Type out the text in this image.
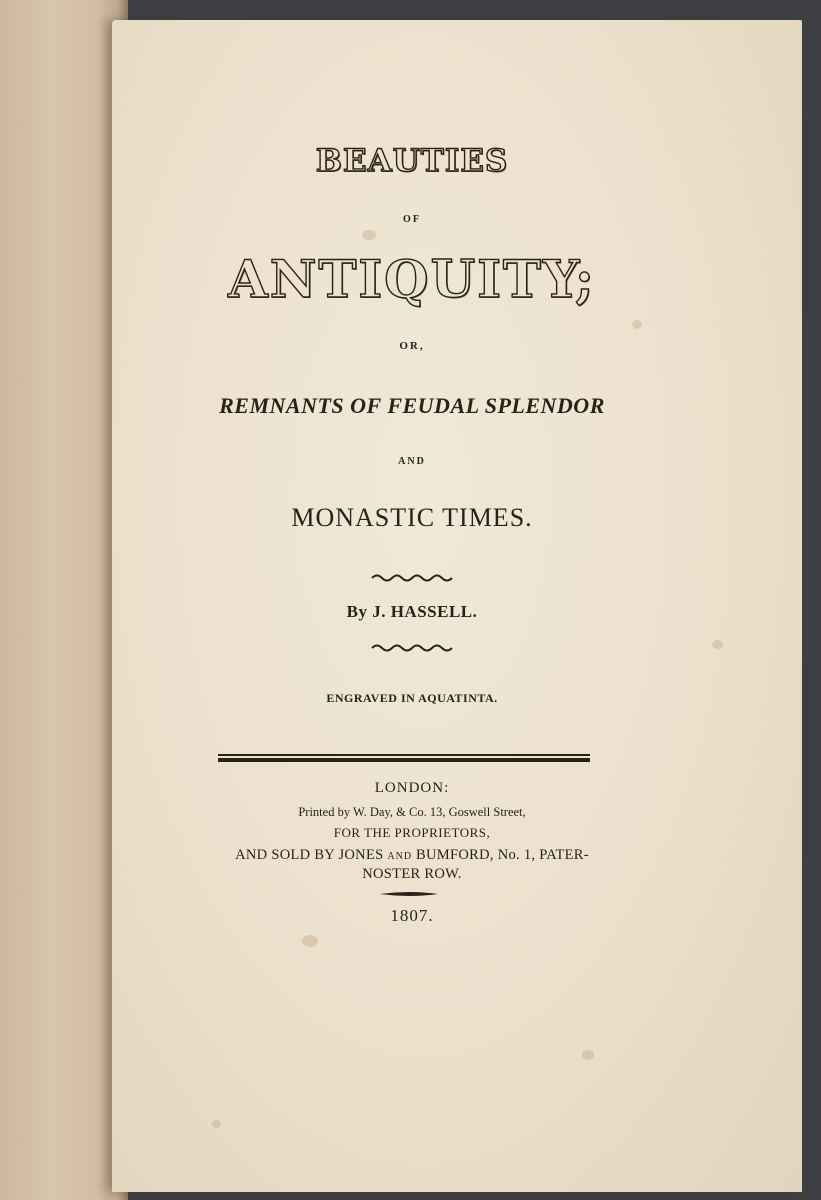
BEAUTIES
OF
ANTIQUITY;
OR,
REMNANTS OF FEUDAL SPLENDOR
AND
MONASTIC TIMES.
By J. HASSELL.
ENGRAVED IN AQUATINTA.
LONDON:
Printed by W. Day, & Co. 13, Goswell Street,
FOR THE PROPRIETORS,
AND SOLD BY JONES AND BUMFORD, No. 1, PATER-
NOSTER ROW.
1807.
